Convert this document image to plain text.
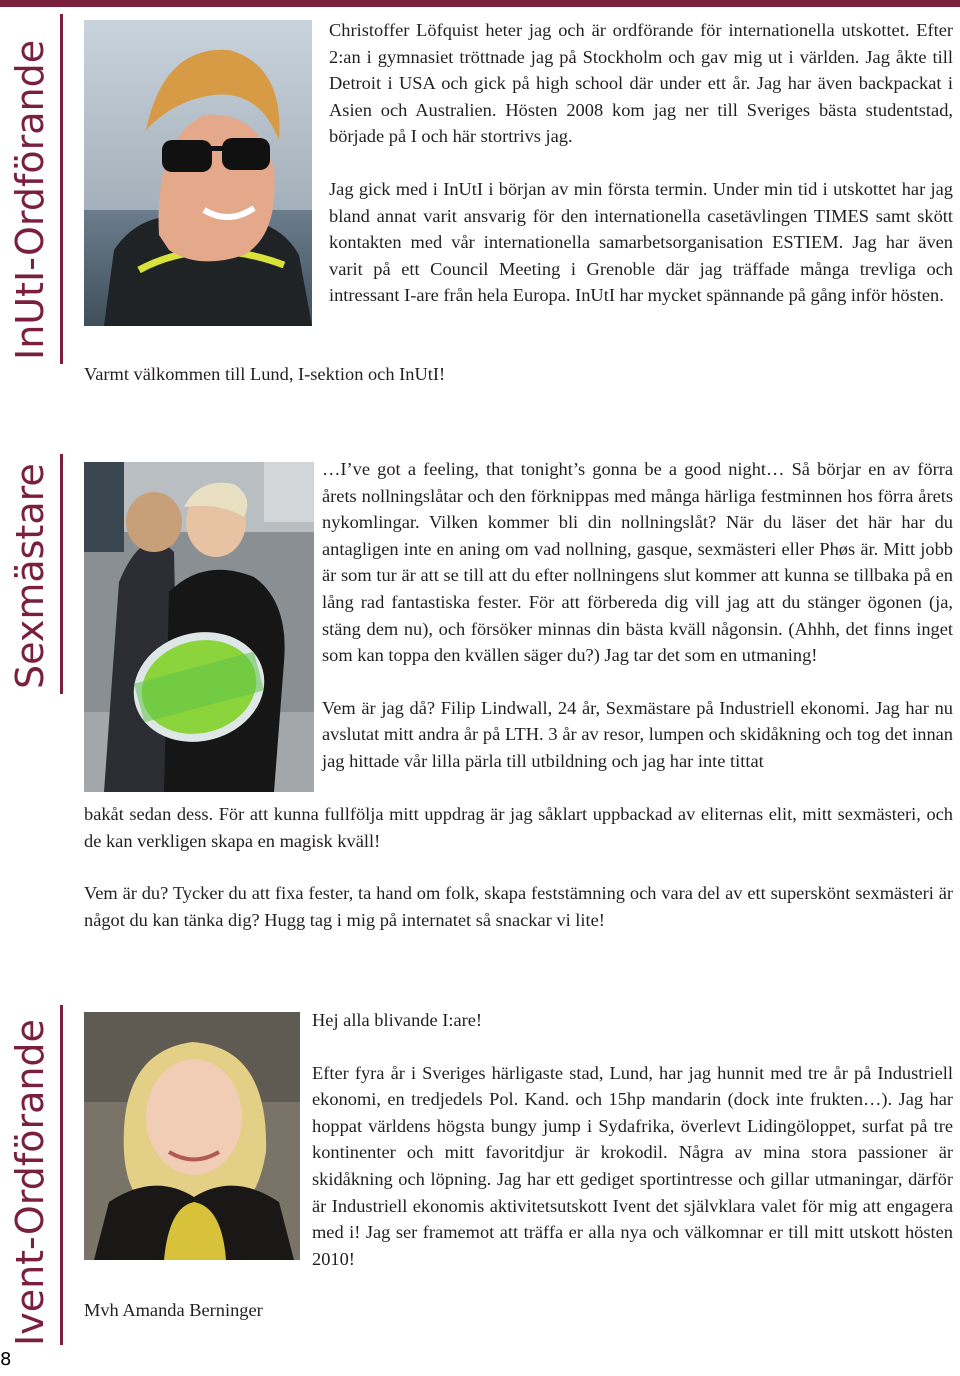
InUtI-Ordförande

Christoffer Löfquist heter jag och är ordförande för internationella utskottet. Efter 2:an i gymnasiet tröttnade jag på Stockholm och gav mig ut i världen. Jag åkte till Detroit i USA och gick på high school där under ett år. Jag har även backpackat i Asien och Australien. Hösten 2008 kom jag ner till Sveriges bästa studentstad, började på I och här stortrivs jag.

Jag gick med i InUtI i början av min första termin. Under min tid i utskottet har jag bland annat varit ansvarig för den internationella casetävlingen TIMES samt skött kontakten med vår internationella samarbetsorganisation ESTIEM. Jag har även varit på ett Council Meeting i Grenoble där jag träffade många trevliga och intressant I-are från hela Europa. InUtI har mycket spännande på gång inför hösten.

Varmt välkommen till Lund, I-sektion och InUtI!
Sexmästare	…I’ve got a feeling, that tonight’s gonna be a good night… Så börjar en av förra årets nollningslåtar och den förknippas med många härliga festminnen hos förra årets nykomlingar. Vilken kommer bli din nollningslåt? När du läser det här har du antagligen inte en aning om vad nollning, gasque, sexmästeri eller Phøs är. Mitt jobb är som tur är att se till att du efter nollningens slut kommer att kunna se tillbaka på en lång rad fantastiska fester. För att förbereda dig vill jag att du stänger ögonen (ja, stäng dem nu), och försöker minnas din bästa kväll någonsin. (Ahhh, det finns inget som kan toppa den kvällen säger du?) Jag tar det som en utmaning!

Vem är jag då? Filip Lindwall, 24 år, Sexmästare på Industriell ekonomi. Jag har nu avslutat mitt andra år på LTH. 3 år av resor, lumpen och skidåkning och tog det innan jag hittade vår lilla pärla till utbildning och jag har inte tittat

bakåt sedan dess. För att kunna fullfölja mitt uppdrag är jag såklart uppbackad av eliternas elit, mitt sexmästeri, och de kan verkligen skapa en magisk kväll!

Vem är du? Tycker du att fixa fester, ta hand om folk, skapa feststämning och vara del av ett superskönt sexmästeri är något du kan tänka dig? Hugg tag i mig på internatet så snackar vi lite!

Ivent-Ordförande	Hej alla blivande I:are!

Efter fyra år i Sveriges härligaste stad, Lund, har jag hunnit med tre år på Industriell ekonomi, en tredjedels Pol. Kand. och 15hp mandarin (dock inte frukten…). Jag har hoppat världens högsta bungy jump i Sydafrika, överlevt Lidingöloppet, surfat på tre kontinenter och mitt favoritdjur är krokodil. Några av mina stora passioner är skidåkning och löpning. Jag har ett gediget sportintresse och gillar utmaningar, därför är Industriell ekonomis aktivitetsutskott Ivent det självklara valet för mig att engagera med i! Jag ser framemot att träffa er alla nya och välkomnar er till mitt utskott hösten 2010!

Mvh Amanda Berninger
8
